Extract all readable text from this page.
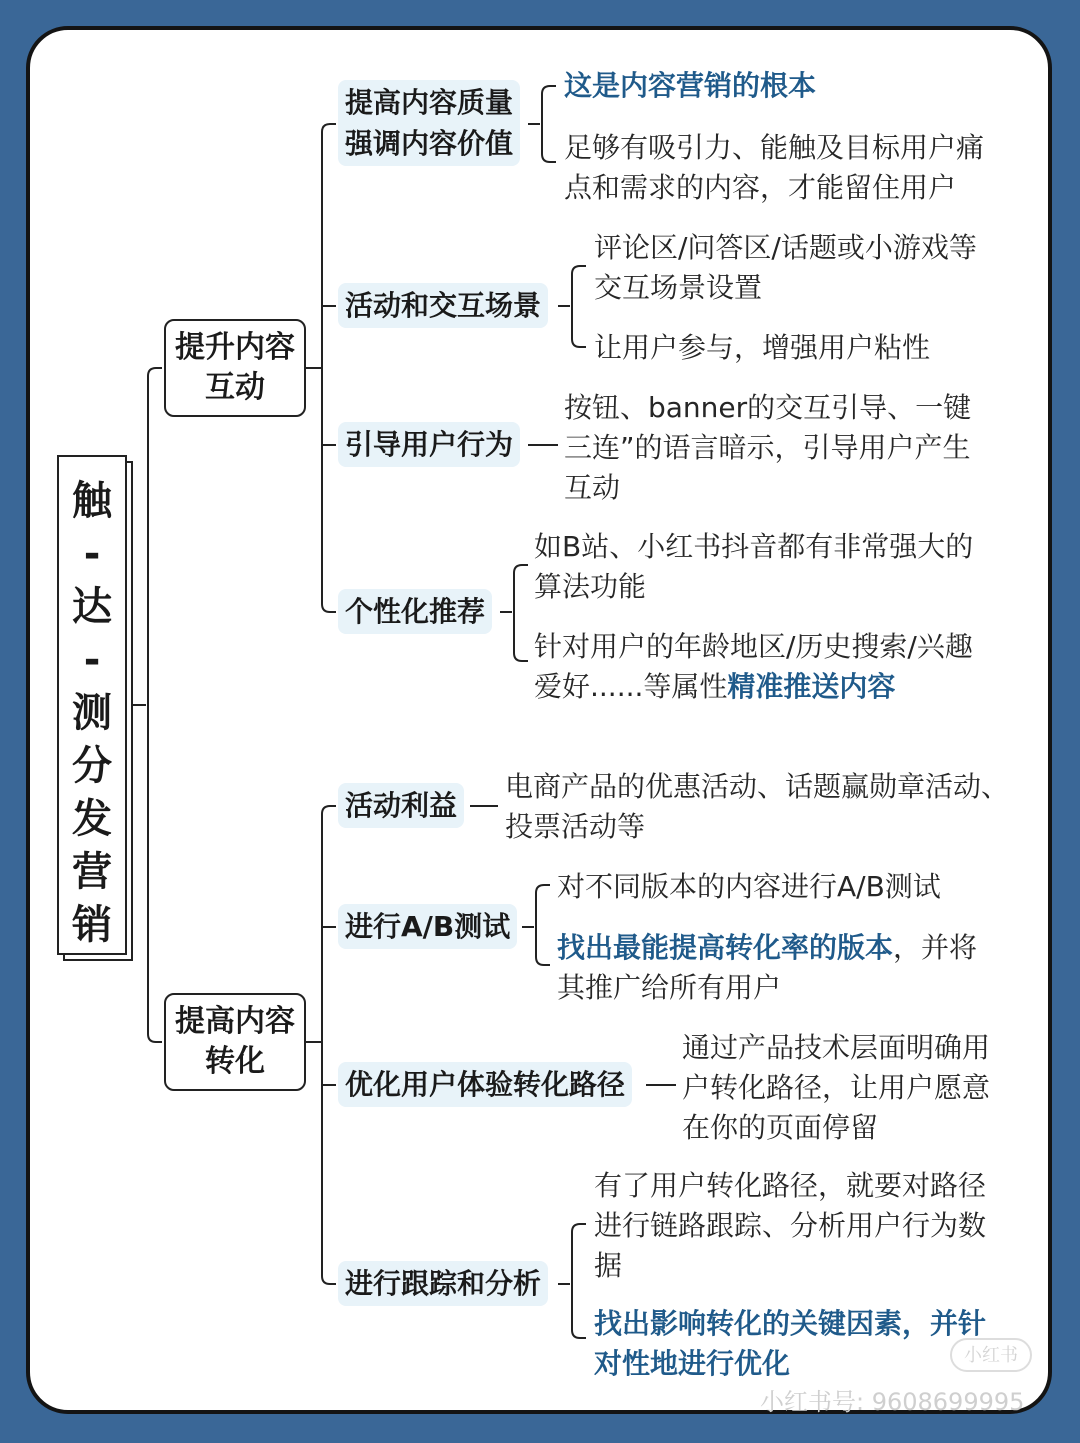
触
-
达
-
测
分
发
营
销
提升内容
互动
提高内容
转化
提高内容质量
强调内容价值
活动和交互场景
引导用户行为
个性化推荐
活动利益
进行A/B测试
优化用户体验转化路径
进行跟踪和分析
这是内容营销的根本
足够有吸引力、能触及目标用户痛
点和需求的内容，才能留住用户
评论区/问答区/话题或小游戏等
交互场景设置
让用户参与，增强用户粘性
按钮、banner的交互引导、一键
三连”的语言暗示，引导用户产生
互动
如B站、小红书抖音都有非常强大的
算法功能
针对用户的年龄地区/历史搜索/兴趣
爱好......等属性精准推送内容
电商产品的优惠活动、话题赢勋章活动、
投票活动等
对不同版本的内容进行A/B测试
找出最能提高转化率的版本，并将
其推广给所有用户
通过产品技术层面明确用
户转化路径，让用户愿意
在你的页面停留
有了用户转化路径，就要对路径
进行链路跟踪、分析用户行为数
据
找出影响转化的关键因素，并针
对性地进行优化	小红书
小红书号: 9608699995
